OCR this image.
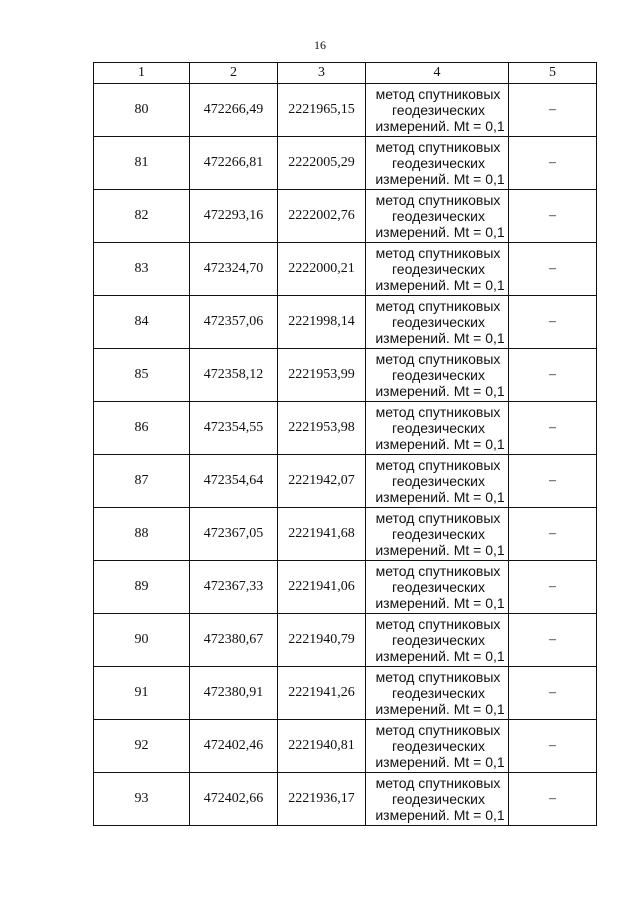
16
1	2	3	4	5
80	472266,49	2221965,15	метод спутниковых
геодезических
измерений. Mt = 0,1	–
81	472266,81	2222005,29	метод спутниковых
геодезических
измерений. Mt = 0,1	–
82	472293,16	2222002,76	метод спутниковых
геодезических
измерений. Mt = 0,1	–
83	472324,70	2222000,21	метод спутниковых
геодезических
измерений. Mt = 0,1	–
84	472357,06	2221998,14	метод спутниковых
геодезических
измерений. Mt = 0,1	–
85	472358,12	2221953,99	метод спутниковых
геодезических
измерений. Mt = 0,1	–
86	472354,55	2221953,98	метод спутниковых
геодезических
измерений. Mt = 0,1	–
87	472354,64	2221942,07	метод спутниковых
геодезических
измерений. Mt = 0,1	–
88	472367,05	2221941,68	метод спутниковых
геодезических
измерений. Mt = 0,1	–
89	472367,33	2221941,06	метод спутниковых
геодезических
измерений. Mt = 0,1	–
90	472380,67	2221940,79	метод спутниковых
геодезических
измерений. Mt = 0,1	–
91	472380,91	2221941,26	метод спутниковых
геодезических
измерений. Mt = 0,1	–
92	472402,46	2221940,81	метод спутниковых
геодезических
измерений. Mt = 0,1	–
93	472402,66	2221936,17	метод спутниковых
геодезических
измерений. Mt = 0,1	–
